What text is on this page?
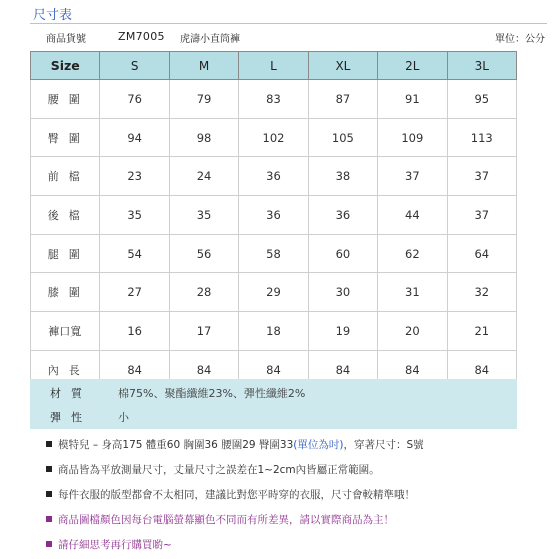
尺寸表
商品貨號	ZM7005 虎濤小直筒褲	單位：公分
Size	S	M	L	XL	2L	3L
腰圍	76	79	83	87	91	95
臀圍	94	98	102	105	109	113
前檔	23	24	36	38	37	37
後檔	35	35	36	36	44	37
腿圍	54	56	58	60	62	64
膝圍	27	28	29	30	31	32
褲口寬	16	17	18	19	20	21
內長	84	84	84	84	84	84
材質 棉75%、聚酯纖維23%、彈性纖維2%
彈性 小
模特兒 – 身高175 體重60 胸圍36 腰圍29 臀圍33(單位為吋)，穿著尺寸：S號
商品皆為平放測量尺寸，丈量尺寸之誤差在1~2cm內皆屬正常範圍。
每件衣服的版型都會不太相同，建議比對您平時穿的衣服，尺寸會較精準哦！
商品圖檔顏色因每台電腦螢幕顯色不同而有所差異，請以實際商品為主！
請仔細思考再行購買喲~
